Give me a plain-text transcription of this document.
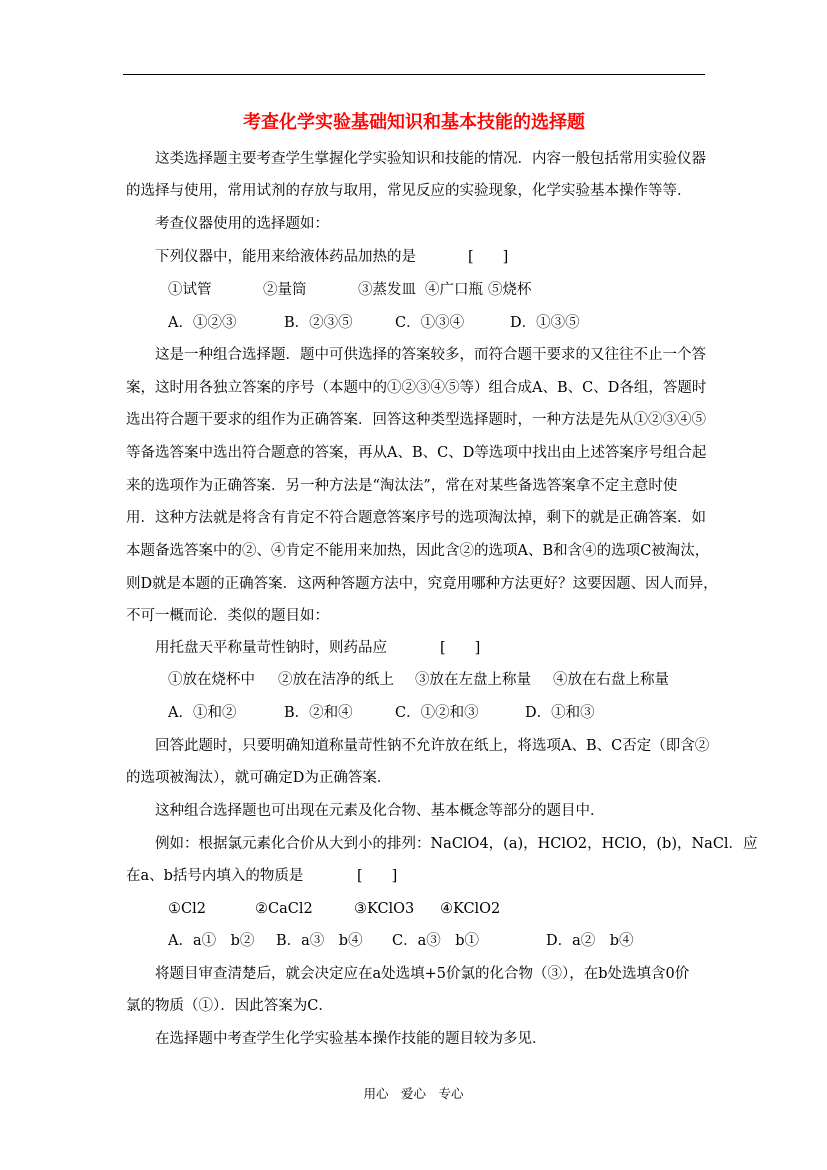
考查化学实验基础知识和基本技能的选择题
这类选择题主要考查学生掌握化学实验知识和技能的情况．内容一般包括常用实验仪器
的选择与使用，常用试剂的存放与取用，常见反应的实验现象，化学实验基本操作等等．
考查仪器使用的选择题如：
下列仪器中，能用来给液体药品加热的是	[　　]
①试管	②量筒	③蒸发皿 ④广口瓶 ⑤烧杯
A．①②③	B．②③⑤	C．①③④	D．①③⑤
这是一种组合选择题．题中可供选择的答案较多，而符合题干要求的又往往不止一个答
案，这时用各独立答案的序号（本题中的①②③④⑤等）组合成A、B、C、D各组，答题时
选出符合题干要求的组作为正确答案．回答这种类型选择题时，一种方法是先从①②③④⑤
等备选答案中选出符合题意的答案，再从A、B、C、D等选项中找出由上述答案序号组合起
来的选项作为正确答案．另一种方法是“淘汰法”，常在对某些备选答案拿不定主意时使
用．这种方法就是将含有肯定不符合题意答案序号的选项淘汰掉，剩下的就是正确答案．如
本题备选答案中的②、④肯定不能用来加热，因此含②的选项A、B和含④的选项C被淘汰，
则D就是本题的正确答案．这两种答题方法中，究竟用哪种方法更好？这要因题、因人而异，
不可一概而论．类似的题目如：
用托盘天平称量苛性钠时，则药品应	[　　]
①放在烧杯中 ②放在洁净的纸上 ③放在左盘上称量 ④放在右盘上称量
A．①和②	B．②和④	C．①②和③	D．①和③
回答此题时，只要明确知道称量苛性钠不允许放在纸上，将选项A、B、C否定（即含②
的选项被淘汰），就可确定D为正确答案．
这种组合选择题也可出现在元素及化合物、基本概念等部分的题目中．
例如：根据氯元素化合价从大到小的排列：NaClO4，(a)，HClO2，HClO，(b)，NaCl．应
在a、b括号内填入的物质是	[　　]
①Cl2	②CaCl2	③KClO3 ④KClO2
A．a①　b② B．a③　b④ C．a③　b①	D．a②　b④
将题目审查清楚后，就会决定应在a处选填+5价氯的化合物（③），在b处选填含0价
氯的物质（①）．因此答案为C．
在选择题中考查学生化学实验基本操作技能的题目较为多见．
用心　爱心　专心
